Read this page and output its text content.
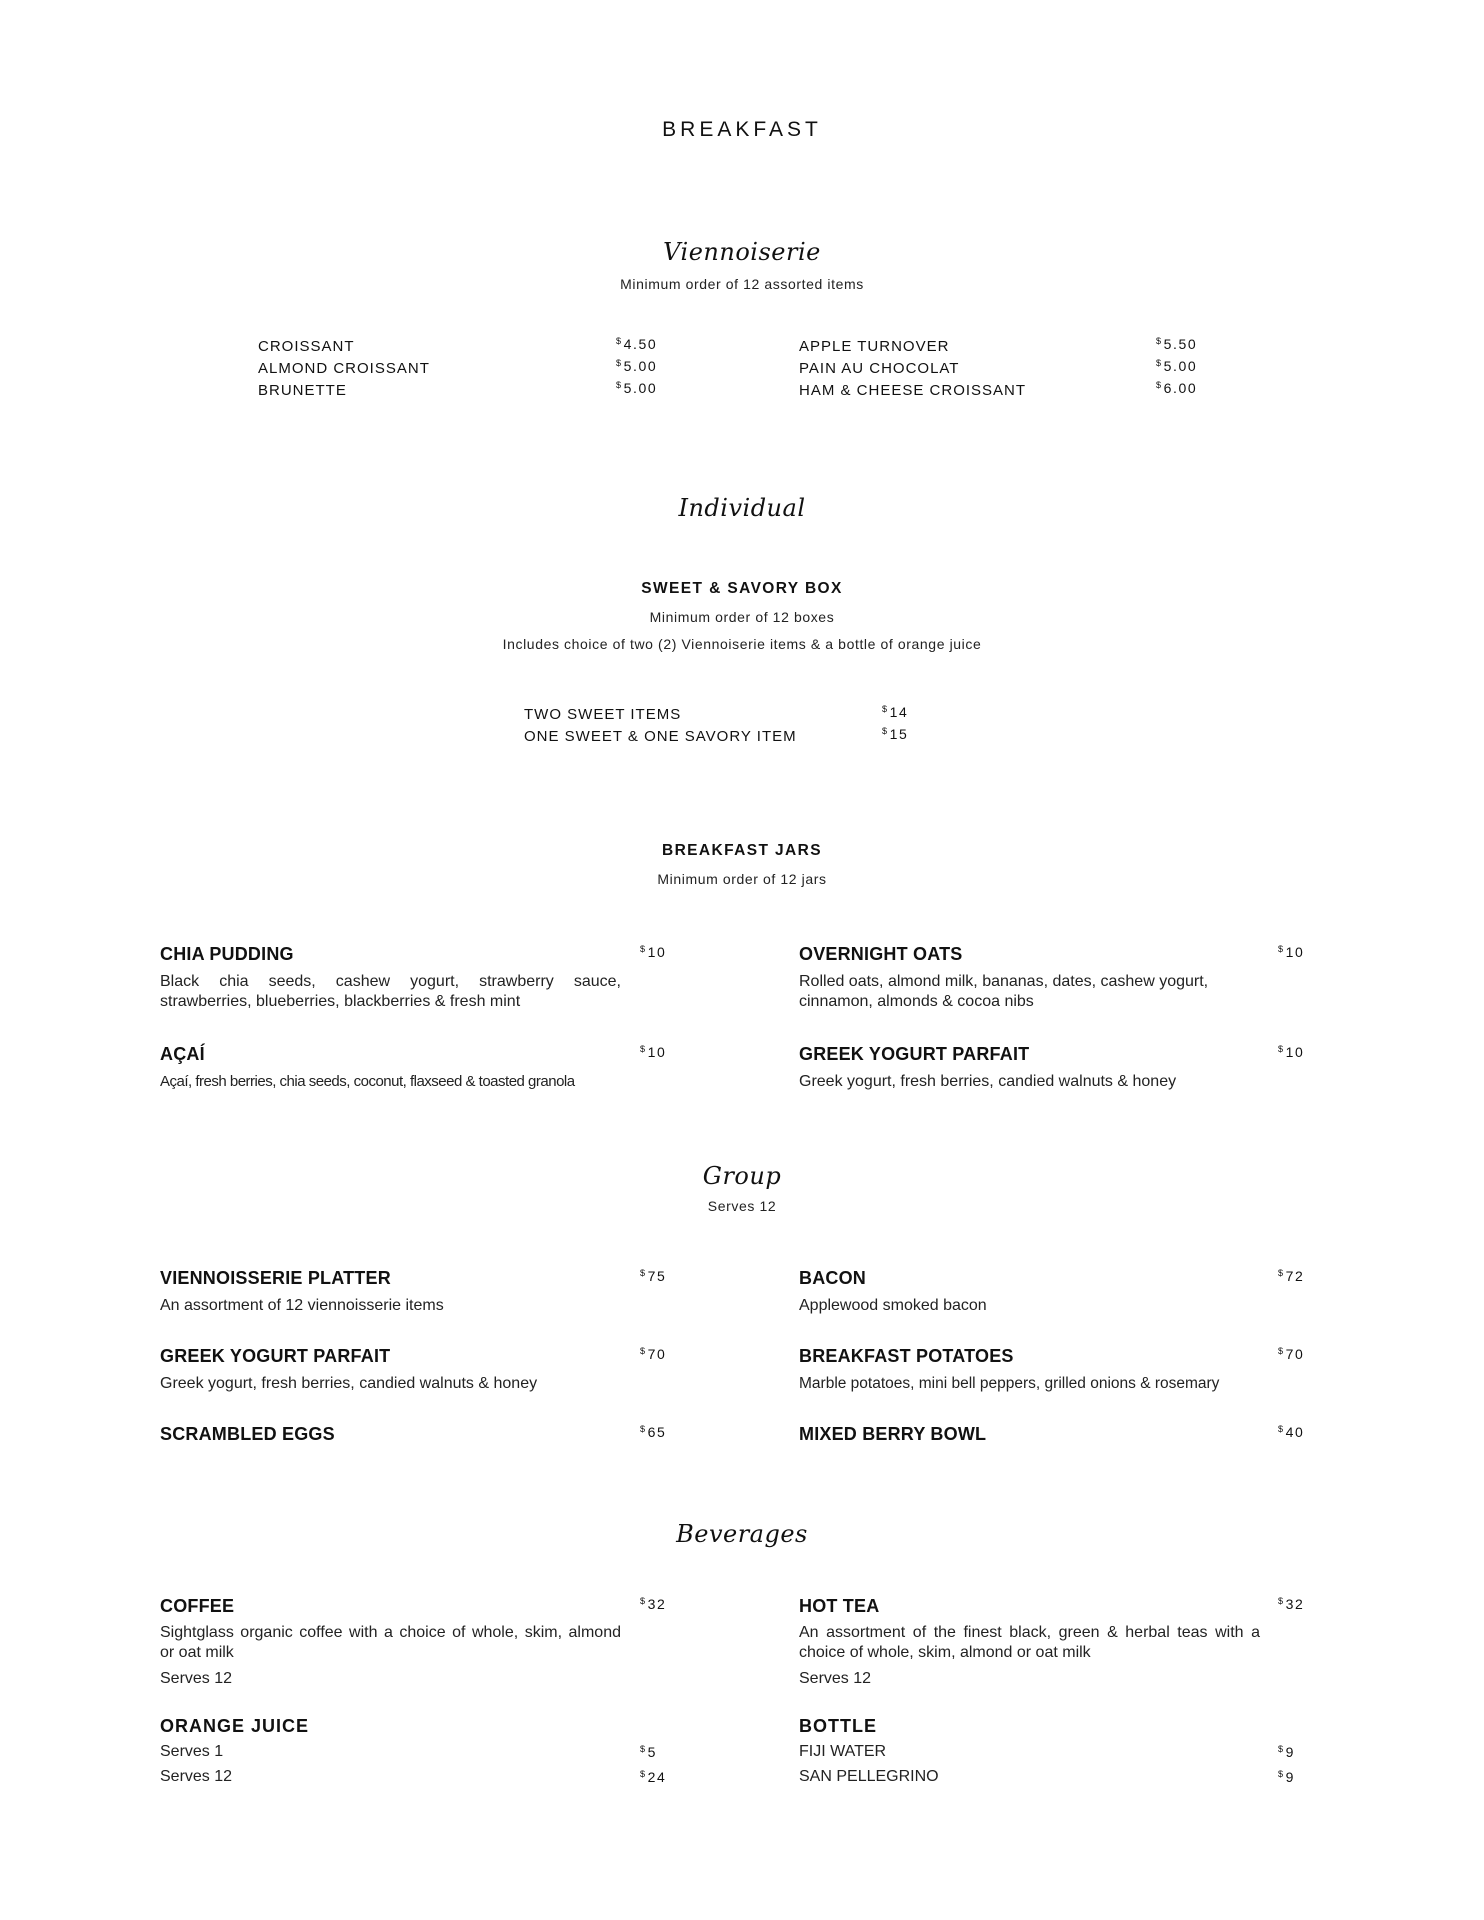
BREAKFAST
Viennoiserie
Minimum order of 12 assorted items
CROISSANT	$4.50
ALMOND CROISSANT	$5.00
BRUNETTE	$5.00
APPLE TURNOVER	$5.50
PAIN AU CHOCOLAT	$5.00
HAM & CHEESE CROISSANT	$6.00
Individual
SWEET & SAVORY BOX
Minimum order of 12 boxes
Includes choice of two (2) Viennoiserie items & a bottle of orange juice
TWO SWEET ITEMS	$14
ONE SWEET & ONE SAVORY ITEM	$15
BREAKFAST JARS
Minimum order of 12 jars
CHIA PUDDING	$10
Black chia seeds, cashew yogurt, strawberry sauce, strawberries, blueberries, blackberries & fresh mint
OVERNIGHT OATS	$10
Rolled oats, almond milk, bananas, dates, cashew yogurt, cinnamon, almonds & cocoa nibs
AÇAÍ	$10
Açaí, fresh berries, chia seeds, coconut, flaxseed & toasted granola
GREEK YOGURT PARFAIT	$10
Greek yogurt, fresh berries, candied walnuts & honey
Group
Serves 12
VIENNOISSERIE PLATTER	$75
An assortment of 12 viennoisserie items
BACON	$72
Applewood smoked bacon
GREEK YOGURT PARFAIT	$70
Greek yogurt, fresh berries, candied walnuts & honey
BREAKFAST POTATOES	$70
Marble potatoes, mini bell peppers, grilled onions & rosemary
SCRAMBLED EGGS	$65	MIXED BERRY BOWL	$40
Beverages
COFFEE	$32
Sightglass organic coffee with a choice of whole, skim, almond or oat milk
Serves 12
HOT TEA	$32
An assortment of the finest black, green & herbal teas with a choice of whole, skim, almond or oat milk
Serves 12
ORANGE JUICE
Serves 1	$5
Serves 12	$24
BOTTLE
FIJI WATER	$9
SAN PELLEGRINO	$9
